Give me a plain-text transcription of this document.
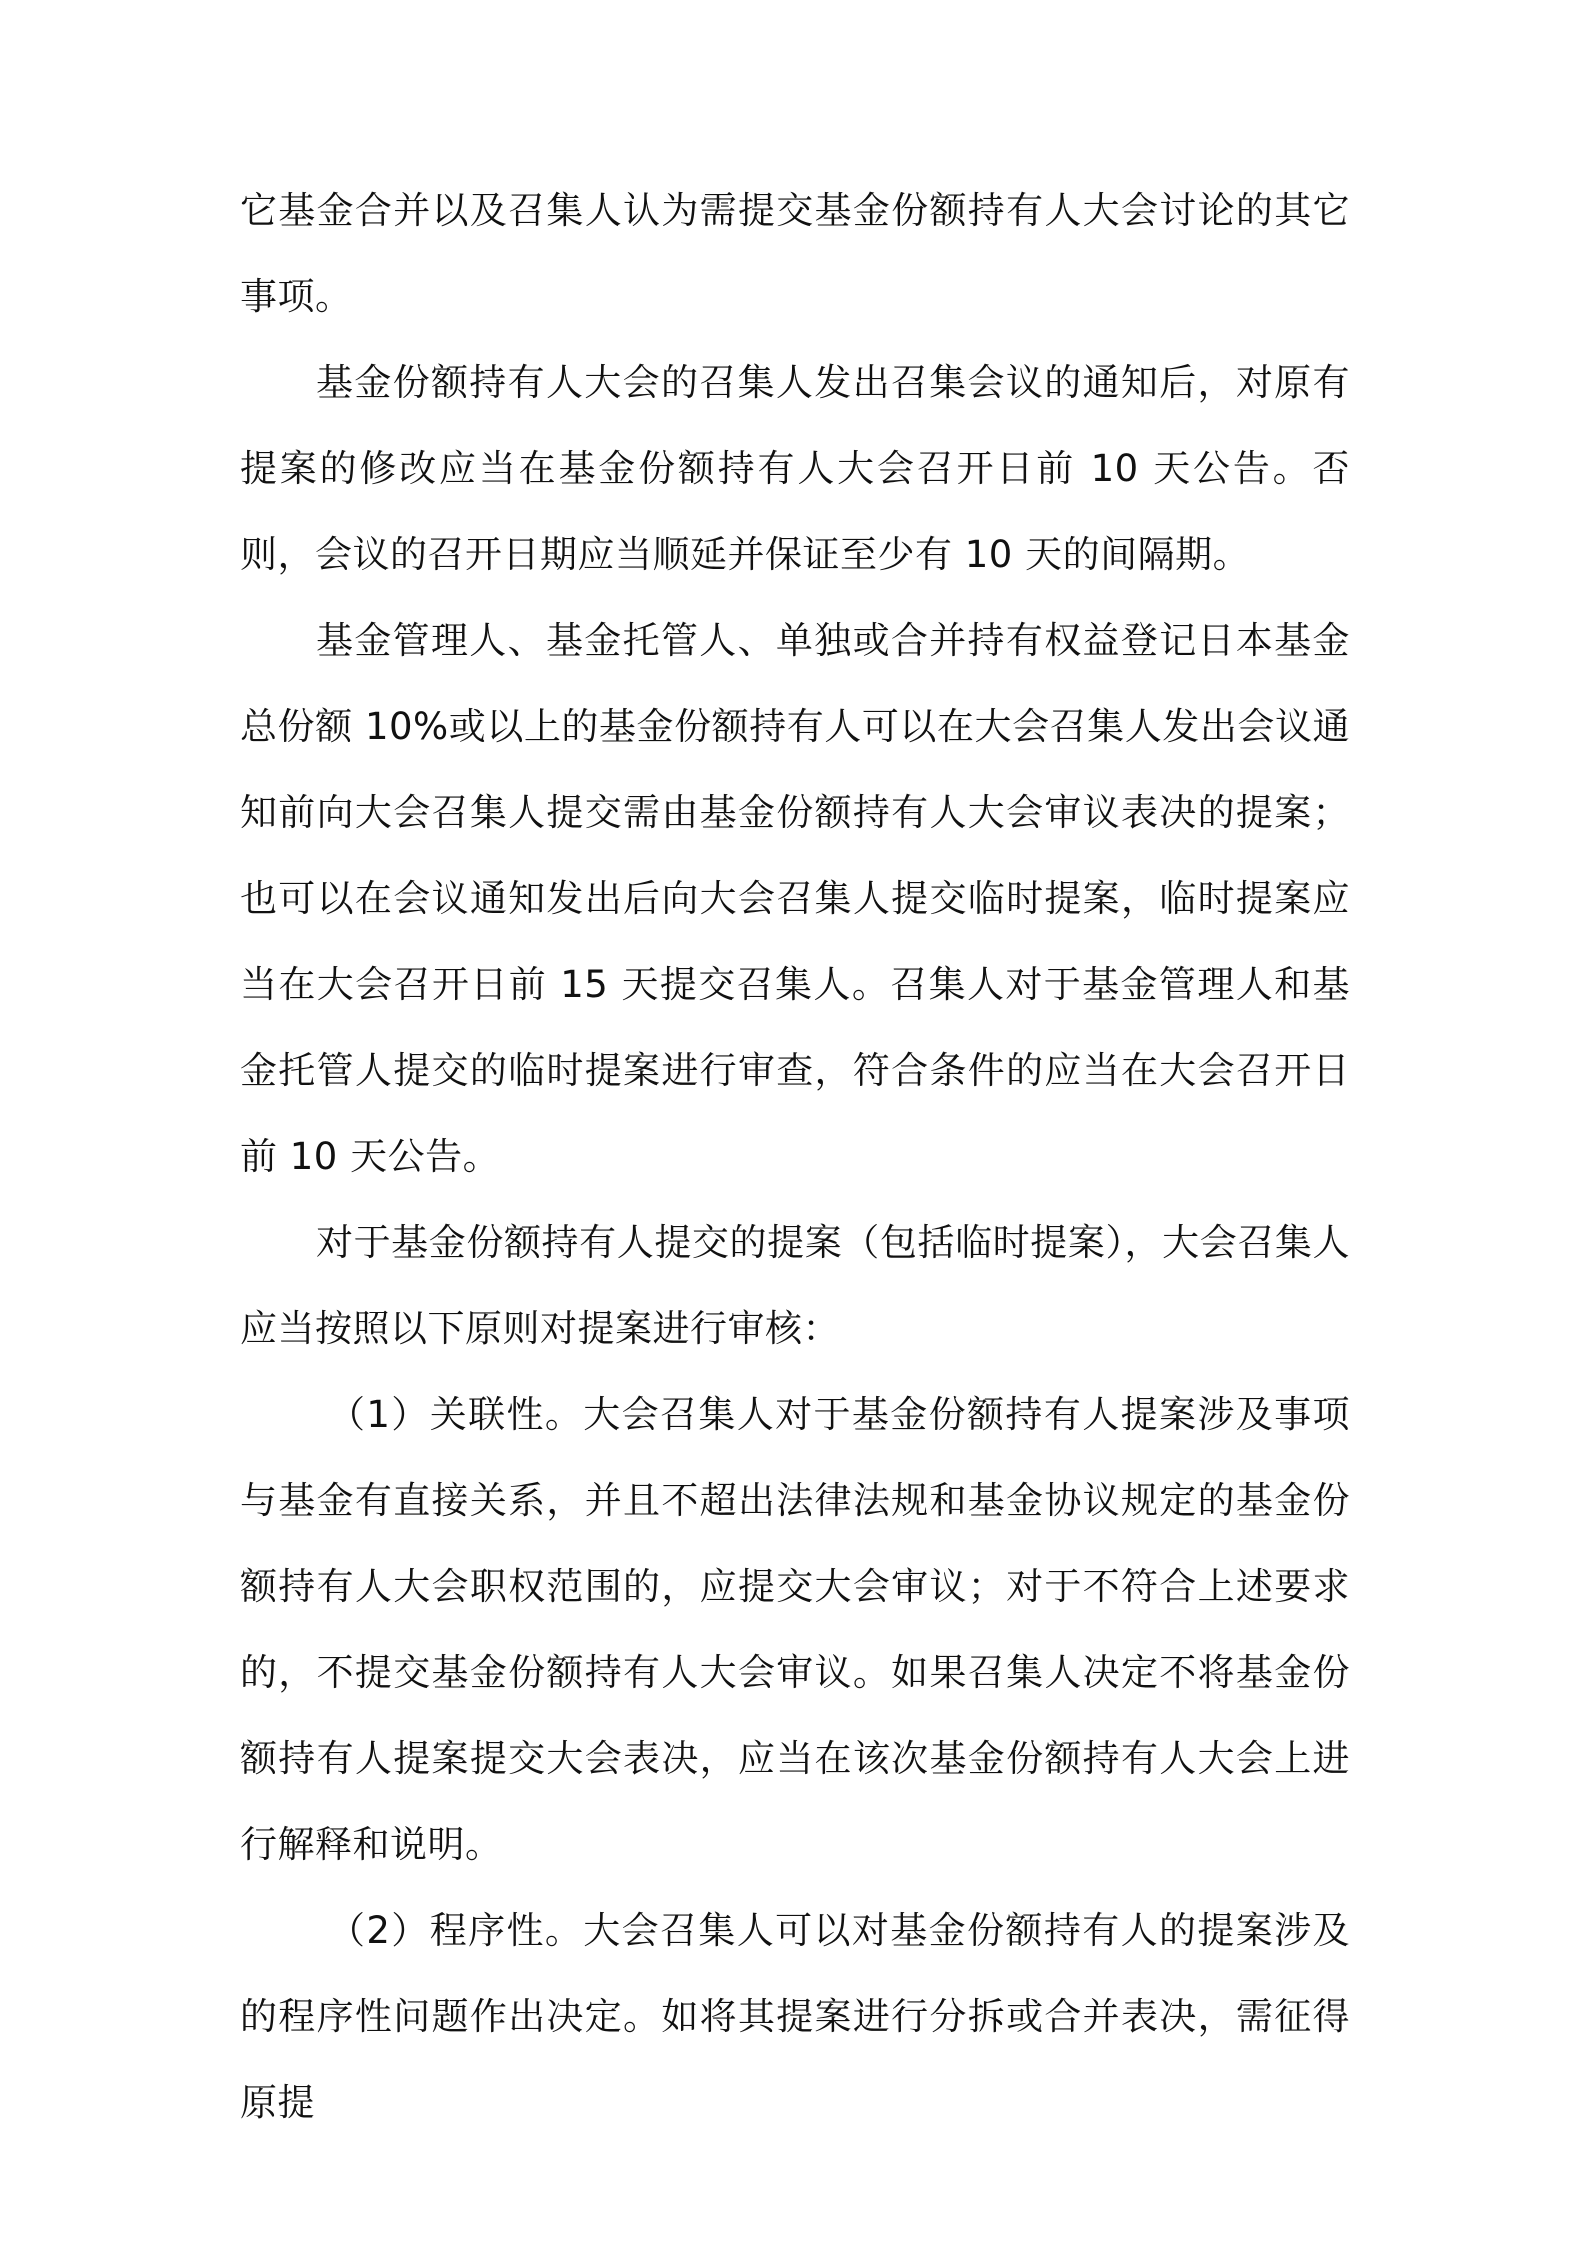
它基金合并以及召集人认为需提交基金份额持有人大会讨论的其它事项。

基金份额持有人大会的召集人发出召集会议的通知后，对原有提案的修改应当在基金份额持有人大会召开日前 10 天公告。否则，会议的召开日期应当顺延并保证至少有 10 天的间隔期。

基金管理人、基金托管人、单独或合并持有权益登记日本基金总份额 10%或以上的基金份额持有人可以在大会召集人发出会议通知前向大会召集人提交需由基金份额持有人大会审议表决的提案；也可以在会议通知发出后向大会召集人提交临时提案，临时提案应当在大会召开日前 15 天提交召集人。召集人对于基金管理人和基金托管人提交的临时提案进行审查，符合条件的应当在大会召开日前 10 天公告。

对于基金份额持有人提交的提案（包括临时提案），大会召集人应当按照以下原则对提案进行审核：

（1）关联性。大会召集人对于基金份额持有人提案涉及事项与基金有直接关系，并且不超出法律法规和基金协议规定的基金份额持有人大会职权范围的，应提交大会审议；对于不符合上述要求的，不提交基金份额持有人大会审议。如果召集人决定不将基金份额持有人提案提交大会表决，应当在该次基金份额持有人大会上进行解释和说明。

（2）程序性。大会召集人可以对基金份额持有人的提案涉及的程序性问题作出决定。如将其提案进行分拆或合并表决，需征得原提
